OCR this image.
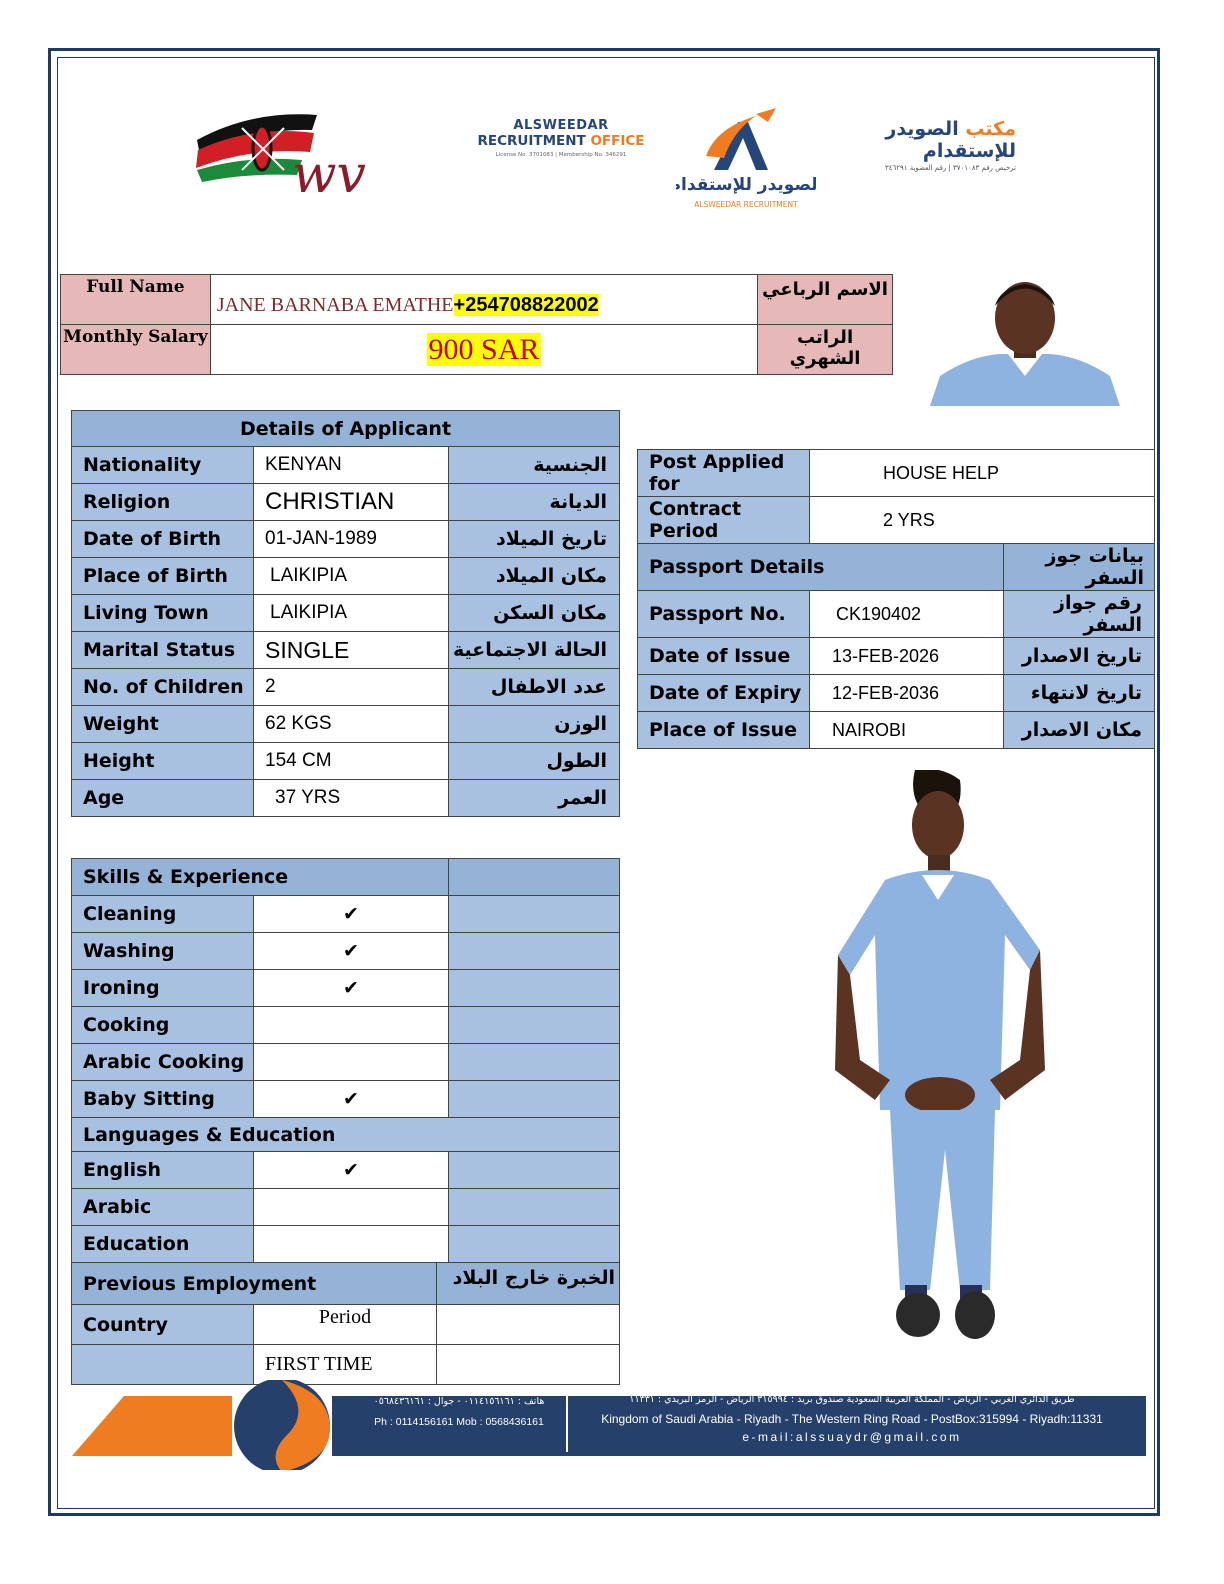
wv
ALSWEEDAR
RECRUITMENT OFFICE
License No. 3701083 | Membership No. 346291
الصويدر للإستقدام
ALSWEEDAR RECRUITMENT
مكتب الصويدر للإستقدام
ترخيص رقم ٣٧٠١٠٨٣ | رقم العضوية ٣٤٦٢٩١
Full Name	JANE BARNABA EMATHE+254708822002	الاسم الرباعي
Monthly Salary	900 SAR	الراتب الشهري
Details of Applicant		
Nationality	KENYAN	الجنسية
Religion	CHRISTIAN	الديانة
Date of Birth	01-JAN-1989	تاريخ الميلاد
Place of Birth	LAIKIPIA	مكان الميلاد
Living Town	LAIKIPIA	مكان السكن
Marital Status	SINGLE	الحالة الاجتماعية
No. of Children	2	عدد الاطفال
Weight	62 KGS	الوزن
Height	154 CM	الطول
Age	37 YRS	العمر
Post Applied for	HOUSE HELP	
Contract Period	2 YRS	
Passport Details		بيانات جوز السفر
Passport No.	CK190402	رقم جواز السفر
Date of Issue	13-FEB-2026	تاريخ الاصدار
Date of Expiry	12-FEB-2036	تاريخ لانتهاء
Place of Issue	NAIROBI	مكان الاصدار
Skills & Experience		
Cleaning	✔	
Washing	✔	
Ironing	✔	
Cooking		
Arabic Cooking		
Baby Sitting	✔	
Languages & Education		
English	✔	
Arabic		
Education		
Previous Employment		الخبرة خارج البلاد
Country	Period	
	FIRST TIME	
هاتف : ٠١١٤١٥٦١٦١ - جوال : ٠٥٦٨٤٣٦١٦١
Ph : 0114156161 Mob : 0568436161
طريق الدائري الغربي - الرياض - المملكة العربية السعودية صندوق بريد : ٣١٥٩٩٤ الرياض - الرمز البريدي : ١١٣٣١
Kingdom of Saudi Arabia - Riyadh - The Western Ring Road - PostBox:315994 - Riyadh:11331
e-mail:alssuaydr@gmail.com
